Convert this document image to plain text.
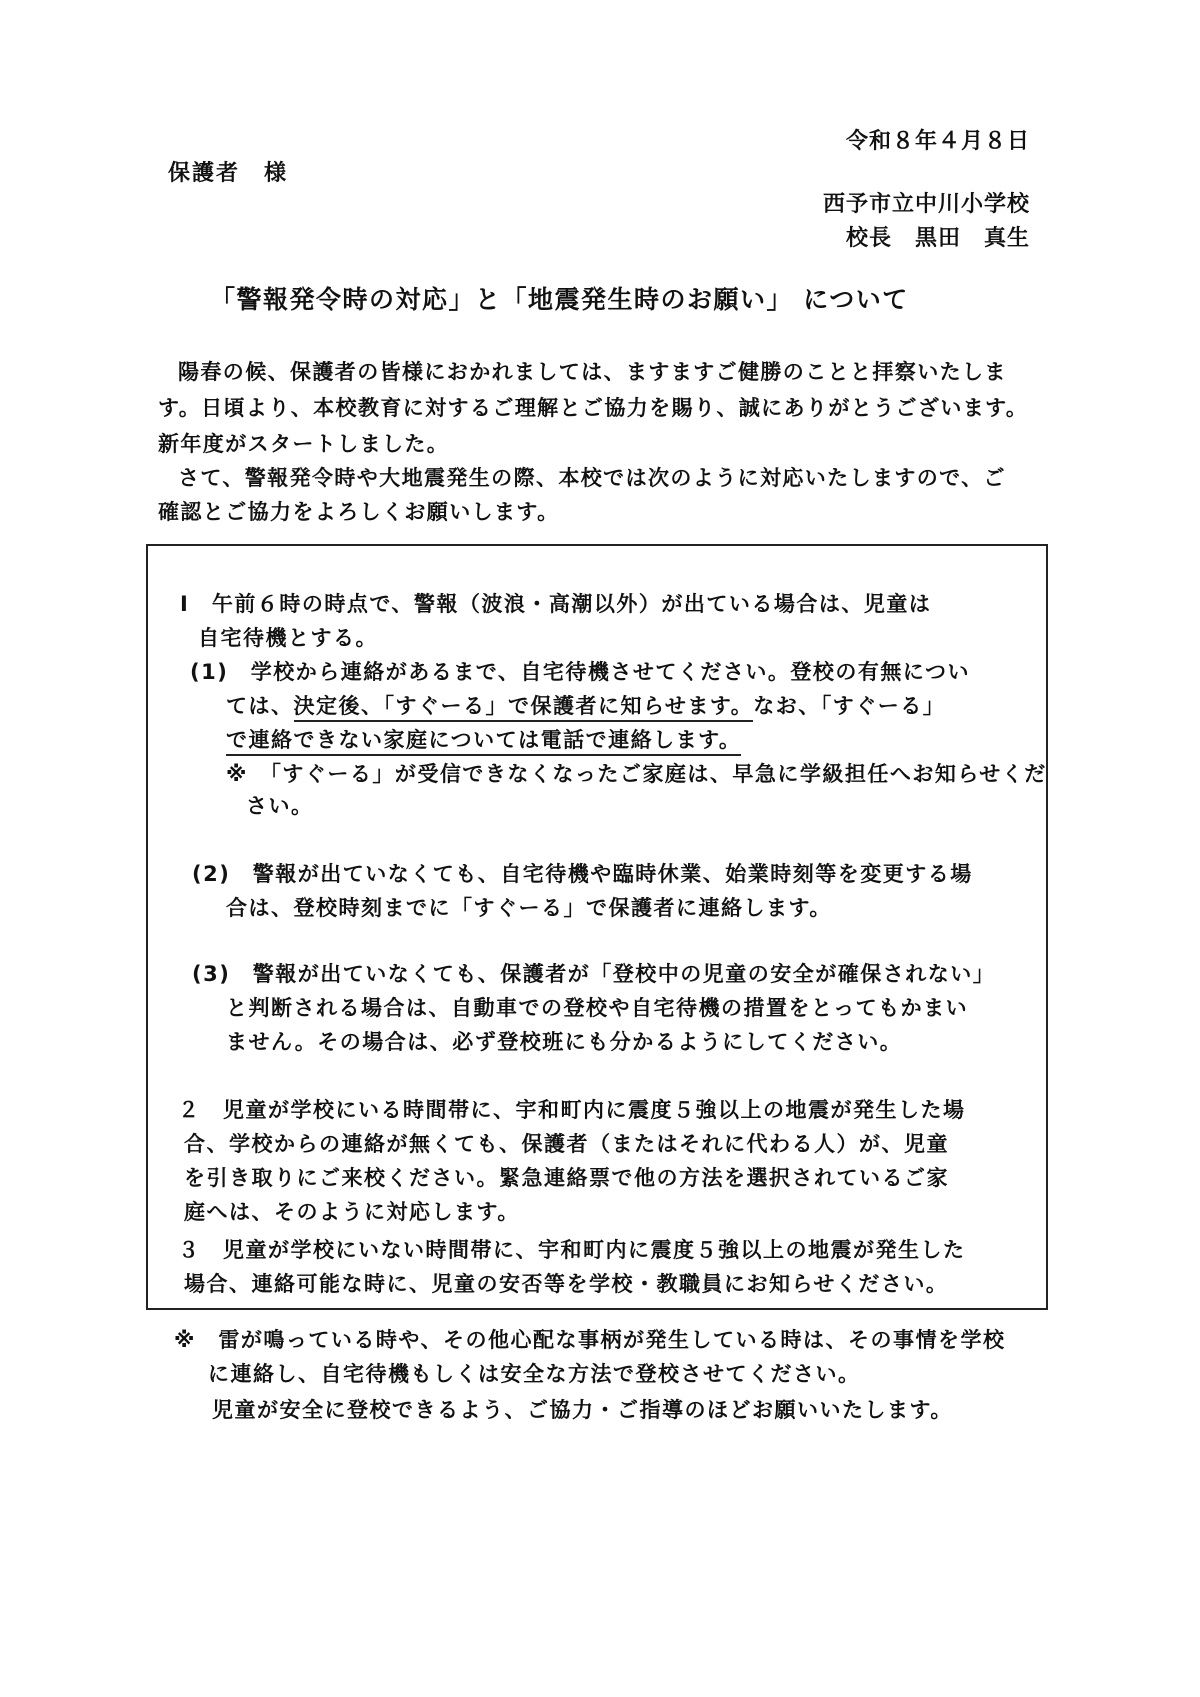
令和８年４月８日
保護者　様
西予市立中川小学校
校長　黒田　真生
「警報発令時の対応」と「地震発生時のお願い」 について
陽春の候、保護者の皆様におかれましては、ますますご健勝のことと拝察いたしま
す。日頃より、本校教育に対するご理解とご協力を賜り、誠にありがとうございます。
新年度がスタートしました。
さて、警報発令時や大地震発生の際、本校では次のように対応いたしますので、ご
確認とご協力をよろしくお願いします。
Ⅰ　午前６時の時点で、警報（波浪・高潮以外）が出ている場合は、児童は
自宅待機とする。
(1)　学校から連絡があるまで、自宅待機させてください。登校の有無につい
ては、決定後、「すぐーる」で保護者に知らせます。なお、「すぐーる」
で連絡できない家庭については電話で連絡します。
※　「すぐーる」が受信できなくなったご家庭は、早急に学級担任へお知らせくだ
さい。
(2)　警報が出ていなくても、自宅待機や臨時休業、始業時刻等を変更する場
合は、登校時刻までに「すぐーる」で保護者に連絡します。
(3)　警報が出ていなくても、保護者が「登校中の児童の安全が確保されない」
と判断される場合は、自動車での登校や自宅待機の措置をとってもかまい
ません。その場合は、必ず登校班にも分かるようにしてください。
２　児童が学校にいる時間帯に、宇和町内に震度５強以上の地震が発生した場
合、学校からの連絡が無くても、保護者（またはそれに代わる人）が、児童
を引き取りにご来校ください。緊急連絡票で他の方法を選択されているご家
庭へは、そのように対応します。
３　児童が学校にいない時間帯に、宇和町内に震度５強以上の地震が発生した
場合、連絡可能な時に、児童の安否等を学校・教職員にお知らせください。
※　雷が鳴っている時や、その他心配な事柄が発生している時は、その事情を学校
に連絡し、自宅待機もしくは安全な方法で登校させてください。
児童が安全に登校できるよう、ご協力・ご指導のほどお願いいたします。
